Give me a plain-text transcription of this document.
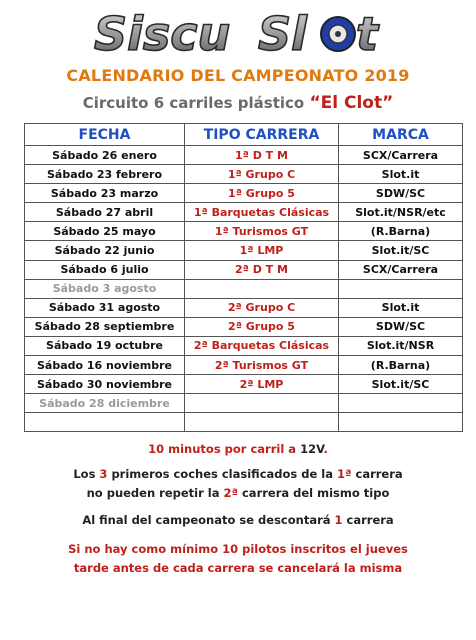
Siscu Sl t
CALENDARIO DEL CAMPEONATO 2019
Circuito 6 carriles plástico “El Clot”
FECHA	TIPO CARRERA	MARCA
Sábado 26 enero	1ª D T M	SCX/Carrera
Sábado 23 febrero	1ª Grupo C	Slot.it
Sábado 23 marzo	1ª Grupo 5	SDW/SC
Sábado 27 abril	1ª Barquetas Clásicas	Slot.it/NSR/etc
Sábado 25 mayo	1ª Turismos GT	(R.Barna)
Sábado 22 junio	1ª LMP	Slot.it/SC
Sábado 6 julio	2ª D T M	SCX/Carrera
Sábado 3 agosto		
Sábado 31 agosto	2ª Grupo C	Slot.it
Sábado 28 septiembre	2ª Grupo 5	SDW/SC
Sábado 19 octubre	2ª Barquetas Clásicas	Slot.it/NSR
Sábado 16 noviembre	2ª Turismos GT	(R.Barna)
Sábado 30 noviembre	2ª LMP	Slot.it/SC
Sábado 28 diciembre		

10 minutos por carril a 12V.
Los 3 primeros coches clasificados de la 1ª carrera
no pueden repetir la 2ª carrera del mismo tipo
Al final del campeonato se descontará 1 carrera
Si no hay como mínimo 10 pilotos inscritos el jueves
tarde antes de cada carrera se cancelará la misma
